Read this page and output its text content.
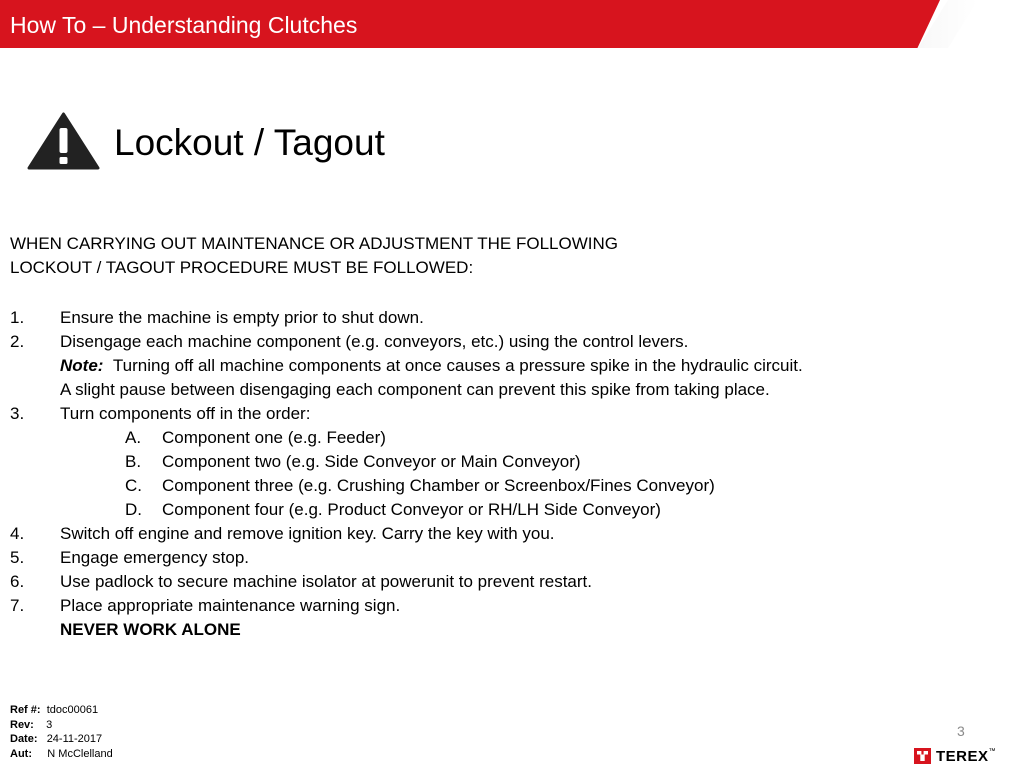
How To – Understanding Clutches
Lockout / Tagout
WHEN CARRYING OUT MAINTENANCE OR ADJUSTMENT THE FOLLOWING
LOCKOUT / TAGOUT PROCEDURE MUST BE FOLLOWED:
1. Ensure the machine is empty prior to shut down.
2. Disengage each machine component (e.g. conveyors, etc.) using the control levers.
Note: Turning off all machine components at once causes a pressure spike in the hydraulic circuit.
A slight pause between disengaging each component can prevent this spike from taking place.
3. Turn components off in the order:
A. Component one (e.g. Feeder)
B. Component two (e.g. Side Conveyor or Main Conveyor)
C. Component three (e.g. Crushing Chamber or Screenbox/Fines Conveyor)
D. Component four (e.g. Product Conveyor or RH/LH Side Conveyor)
4. Switch off engine and remove ignition key. Carry the key with you.
5. Engage emergency stop.
6. Use padlock to secure machine isolator at powerunit to prevent restart.
7. Place appropriate maintenance warning sign.
NEVER WORK ALONE
Ref #: tdoc00061
Rev: 3
Date: 24-11-2017
Aut: N McClelland
3
TEREX™
